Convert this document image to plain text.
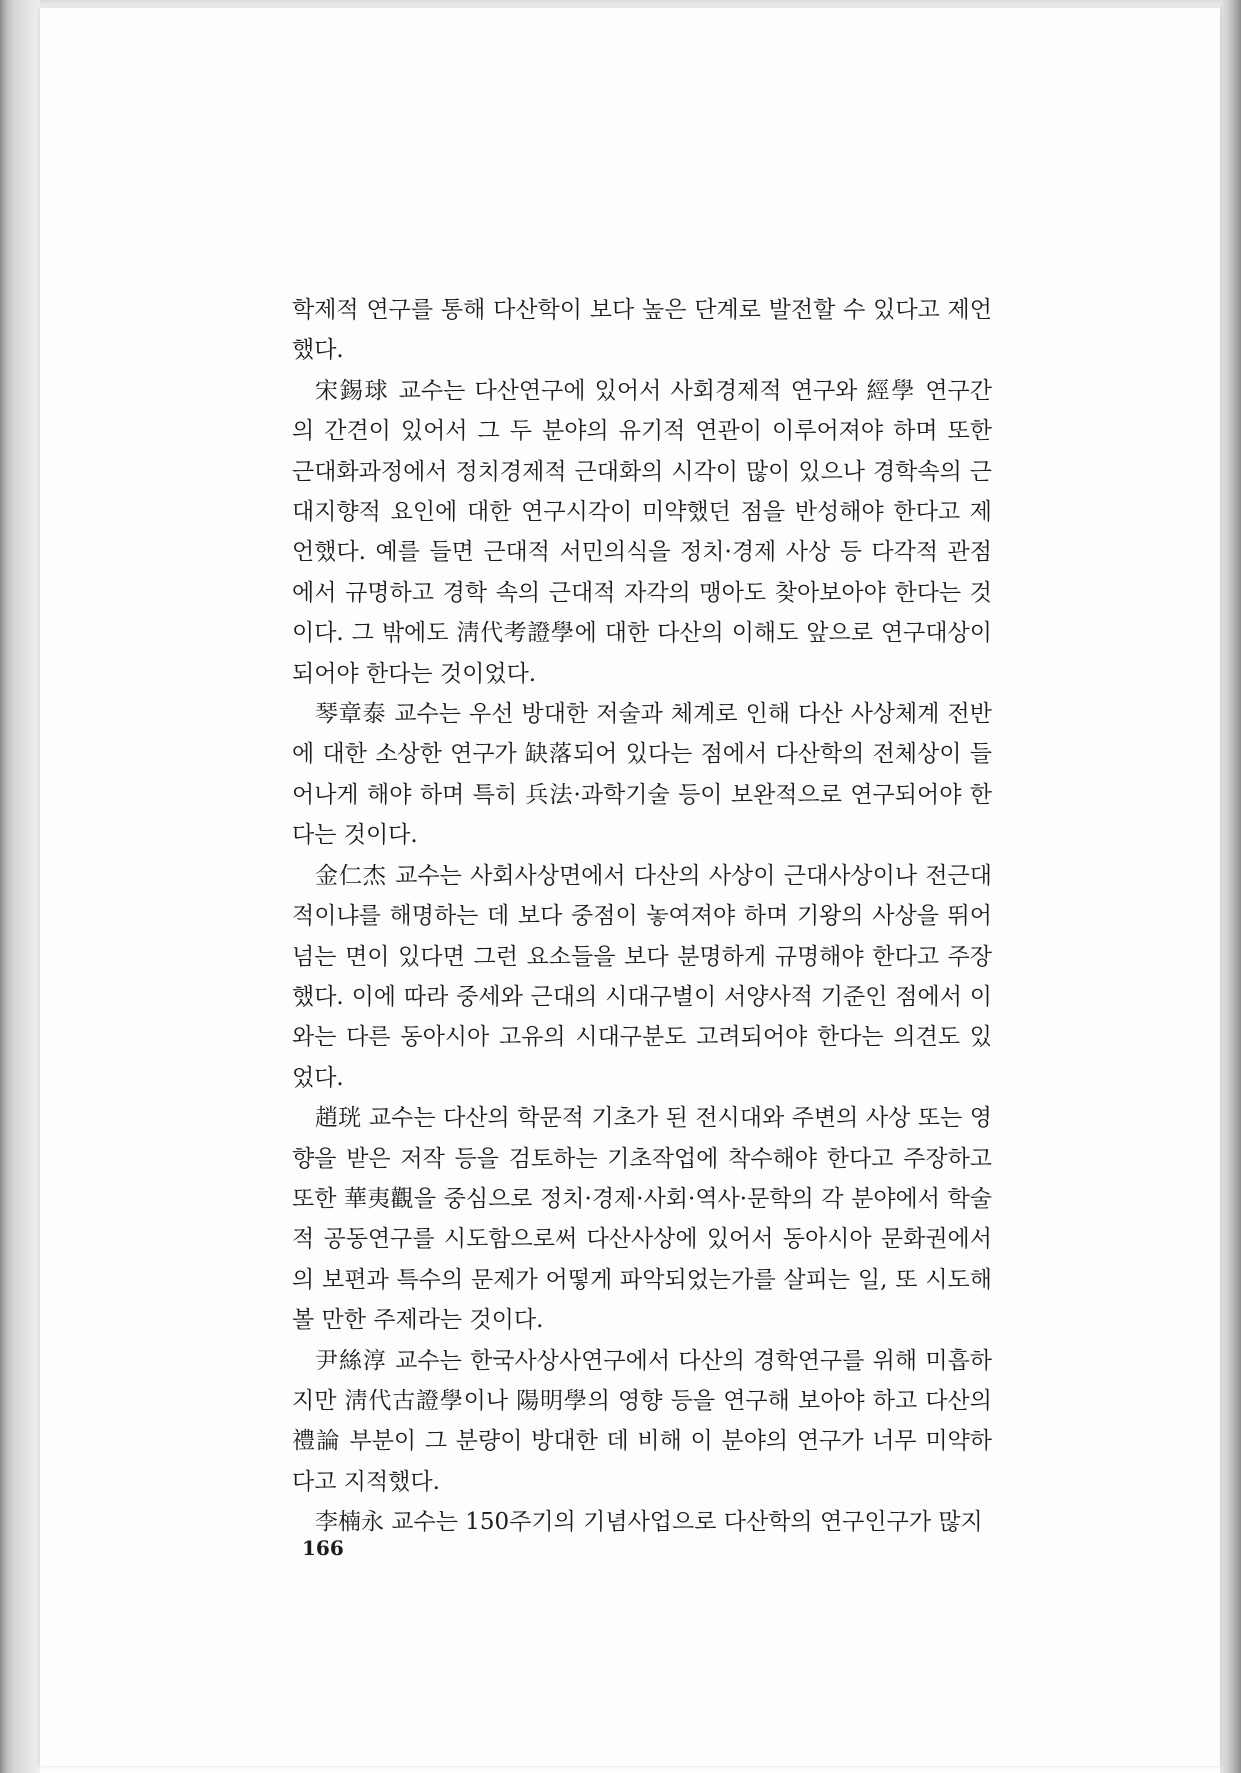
학제적 연구를 통해 다산학이 보다 높은 단계로 발전할 수 있다고 제언했다.

宋錫球 교수는 다산연구에 있어서 사회경제적 연구와 經學 연구간의 간견이 있어서 그 두 분야의 유기적 연관이 이루어져야 하며 또한 근대화과정에서 정치경제적 근대화의 시각이 많이 있으나 경학속의 근대지향적 요인에 대한 연구시각이 미약했던 점을 반성해야 한다고 제언했다. 예를 들면 근대적 서민의식을 정치·경제 사상 등 다각적 관점에서 규명하고 경학 속의 근대적 자각의 맹아도 찾아보아야 한다는 것이다. 그 밖에도 淸代考證學에 대한 다산의 이해도 앞으로 연구대상이 되어야 한다는 것이었다.

琴章泰 교수는 우선 방대한 저술과 체계로 인해 다산 사상체계 전반에 대한 소상한 연구가 缺落되어 있다는 점에서 다산학의 전체상이 들어나게 해야 하며 특히 兵法·과학기술 등이 보완적으로 연구되어야 한다는 것이다.

金仁杰 교수는 사회사상면에서 다산의 사상이 근대사상이나 전근대적이냐를 해명하는 데 보다 중점이 놓여져야 하며 기왕의 사상을 뛰어넘는 면이 있다면 그런 요소들을 보다 분명하게 규명해야 한다고 주장했다. 이에 따라 중세와 근대의 시대구별이 서양사적 기준인 점에서 이와는 다른 동아시아 고유의 시대구분도 고려되어야 한다는 의견도 있었다.

趙珖 교수는 다산의 학문적 기초가 된 전시대와 주변의 사상 또는 영향을 받은 저작 등을 검토하는 기초작업에 착수해야 한다고 주장하고 또한 華夷觀을 중심으로 정치·경제·사회·역사·문학의 각 분야에서 학술적 공동연구를 시도함으로써 다산사상에 있어서 동아시아 문화권에서의 보편과 특수의 문제가 어떻게 파악되었는가를 살피는 일, 또 시도해 볼 만한 주제라는 것이다.

尹絲淳 교수는 한국사상사연구에서 다산의 경학연구를 위해 미흡하지만 淸代古證學이나 陽明學의 영향 등을 연구해 보아야 하고 다산의 禮論 부분이 그 분량이 방대한 데 비해 이 분야의 연구가 너무 미약하다고 지적했다.

李楠永 교수는 150주기의 기념사업으로 다산학의 연구인구가 많지

166
